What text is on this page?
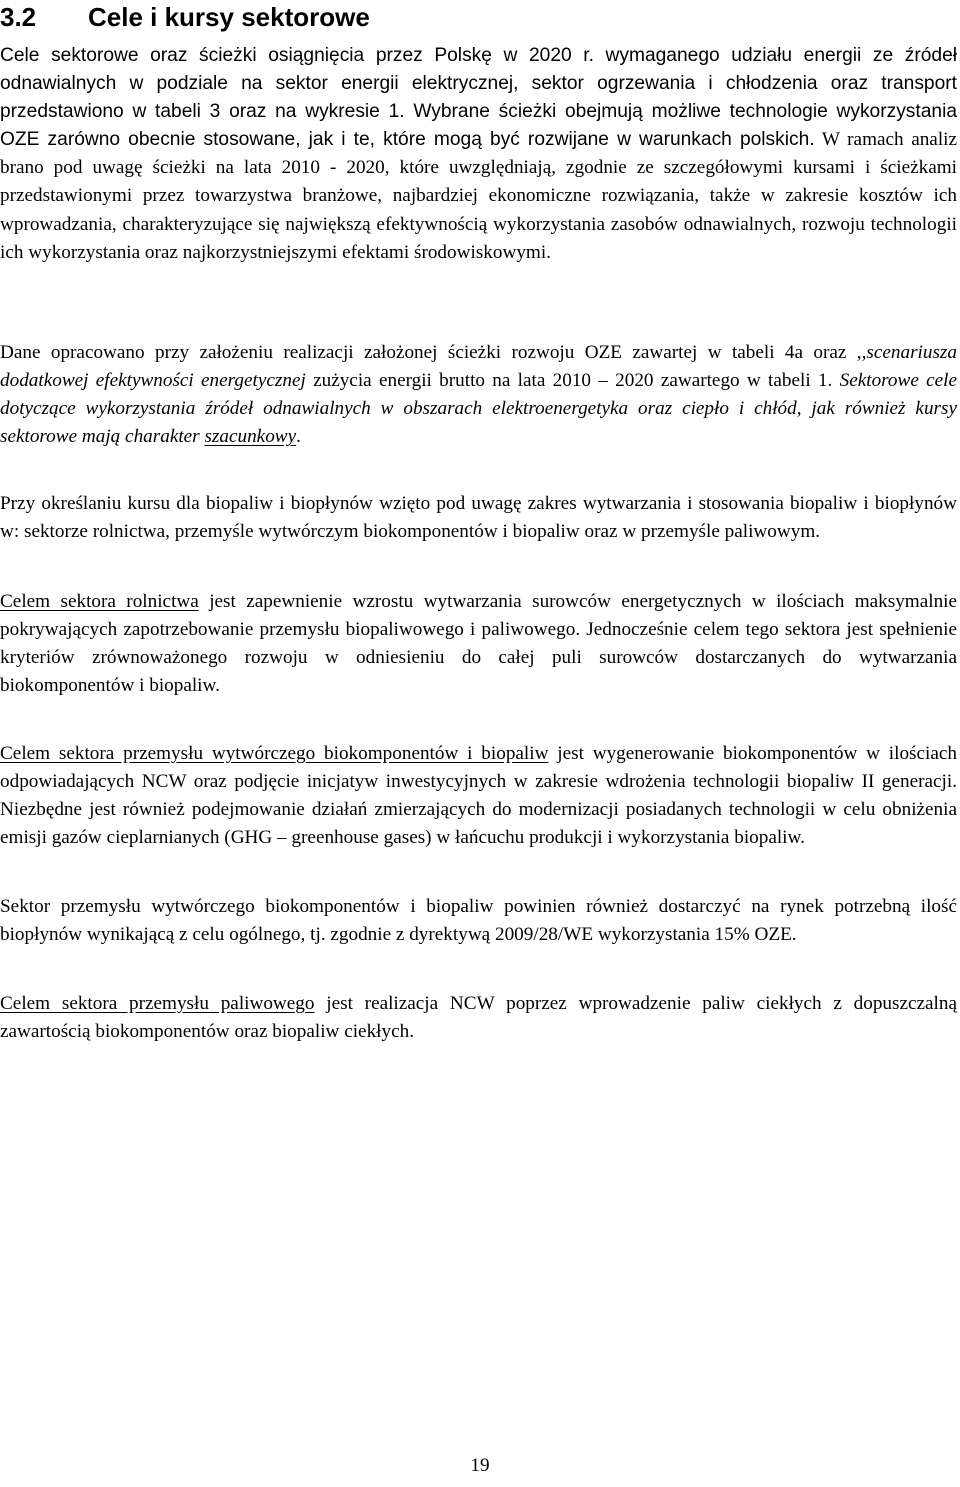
3.2 Cele i kursy sektorowe

Cele sektorowe oraz ścieżki osiągnięcia przez Polskę w 2020 r. wymaganego udziału energii ze źródeł odnawialnych w podziale na sektor energii elektrycznej, sektor ogrzewania i chłodzenia oraz transport przedstawiono w tabeli 3 oraz na wykresie 1. Wybrane ścieżki obejmują możliwe technologie wykorzystania OZE zarówno obecnie stosowane, jak i te, które mogą być rozwijane w warunkach polskich. W ramach analiz brano pod uwagę ścieżki na lata 2010 - 2020, które uwzględniają, zgodnie ze szczegółowymi kursami i ścieżkami przedstawionymi przez towarzystwa branżowe, najbardziej ekonomiczne rozwiązania, także w zakresie kosztów ich wprowadzania, charakteryzujące się największą efektywnością wykorzystania zasobów odnawialnych, rozwoju technologii ich wykorzystania oraz najkorzystniejszymi efektami środowiskowymi.

Dane opracowano przy założeniu realizacji założonej ścieżki rozwoju OZE zawartej w tabeli 4a oraz ,,scenariusza dodatkowej efektywności energetycznej zużycia energii brutto na lata 2010 – 2020 zawartego w tabeli 1. Sektorowe cele dotyczące wykorzystania źródeł odnawialnych w obszarach elektroenergetyka oraz ciepło i chłód, jak również kursy sektorowe mają charakter szacunkowy.

Przy określaniu kursu dla biopaliw i biopłynów wzięto pod uwagę zakres wytwarzania i stosowania biopaliw i biopłynów w: sektorze rolnictwa, przemyśle wytwórczym biokomponentów i biopaliw oraz w przemyśle paliwowym.

Celem sektora rolnictwa jest zapewnienie wzrostu wytwarzania surowców energetycznych w ilościach maksymalnie pokrywających zapotrzebowanie przemysłu biopaliwowego i paliwowego. Jednocześnie celem tego sektora jest spełnienie kryteriów zrównoważonego rozwoju w odniesieniu do całej puli surowców dostarczanych do wytwarzania biokomponentów i biopaliw.

Celem sektora przemysłu wytwórczego biokomponentów i biopaliw jest wygenerowanie biokomponentów w ilościach odpowiadających NCW oraz podjęcie inicjatyw inwestycyjnych w zakresie wdrożenia technologii biopaliw II generacji. Niezbędne jest również podejmowanie działań zmierzających do modernizacji posiadanych technologii w celu obniżenia emisji gazów cieplarnianych (GHG – greenhouse gases) w łańcuchu produkcji i wykorzystania biopaliw.

Sektor przemysłu wytwórczego biokomponentów i biopaliw powinien również dostarczyć na rynek potrzebną ilość biopłynów wynikającą z celu ogólnego, tj. zgodnie z dyrektywą 2009/28/WE wykorzystania 15% OZE.

Celem sektora przemysłu paliwowego jest realizacja NCW poprzez wprowadzenie paliw ciekłych z dopuszczalną zawartością biokomponentów oraz biopaliw ciekłych.

19
